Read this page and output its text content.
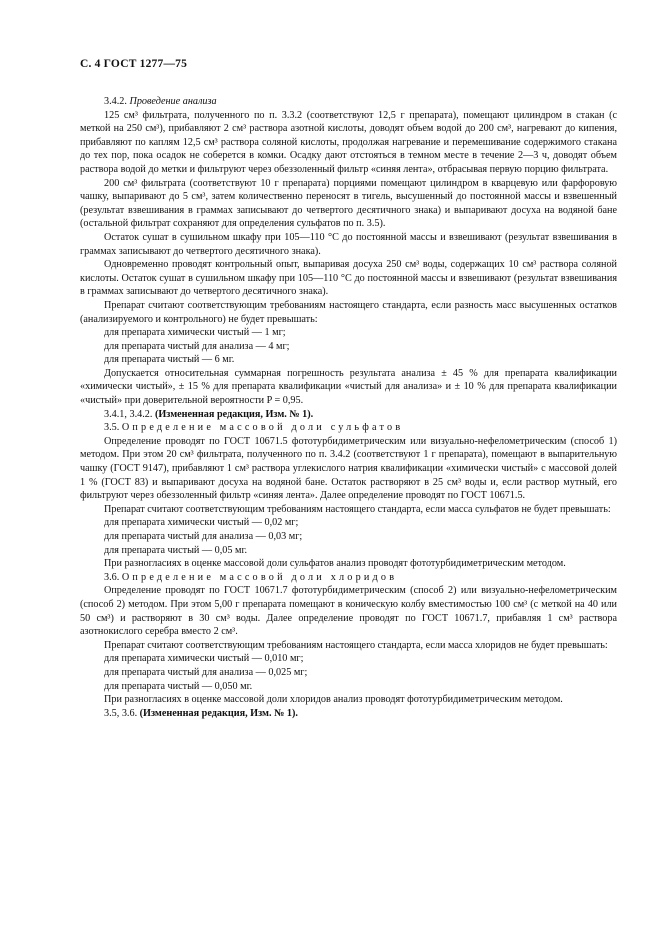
С. 4 ГОСТ 1277—75

3.4.2. Проведение анализа

125 см³ фильтрата, полученного по п. 3.3.2 (соответствуют 12,5 г препарата), помещают цилиндром в стакан (с меткой на 250 см³), прибавляют 2 см³ раствора азотной кислоты, доводят объем водой до 200 см³, нагревают до кипения, прибавляют по каплям 12,5 см³ раствора соляной кислоты, продолжая нагревание и перемешивание содержимого стакана до тех пор, пока осадок не соберется в комки. Осадку дают отстояться в темном месте в течение 2—3 ч, доводят объем раствора водой до метки и фильтруют через обеззоленный фильтр «синяя лента», отбрасывая первую порцию фильтрата.

200 см³ фильтрата (соответствуют 10 г препарата) порциями помещают цилиндром в кварцевую или фарфоровую чашку, выпаривают до 5 см³, затем количественно переносят в тигель, высушенный до постоянной массы и взвешенный (результат взвешивания в граммах записывают до четвертого десятичного знака) и выпаривают досуха на водяной бане (остальной фильтрат сохраняют для определения сульфатов по п. 3.5).

Остаток сушат в сушильном шкафу при 105—110 °С до постоянной массы и взвешивают (результат взвешивания в граммах записывают до четвертого десятичного знака).

Одновременно проводят контрольный опыт, выпаривая досуха 250 см³ воды, содержащих 10 см³ раствора соляной кислоты. Остаток сушат в сушильном шкафу при 105—110 °С до постоянной массы и взвешивают (результат взвешивания в граммах записывают до четвертого десятичного знака).

Препарат считают соответствующим требованиям настоящего стандарта, если разность масс высушенных остатков (анализируемого и контрольного) не будет превышать:

для препарата химически чистый — 1 мг;

для препарата чистый для анализа — 4 мг;

для препарата чистый — 6 мг.

Допускается относительная суммарная погрешность результата анализа ± 45 % для препарата квалификации «химически чистый», ± 15 % для препарата квалификации «чистый для анализа» и ± 10 % для препарата квалификации «чистый» при доверительной вероятности P = 0,95.

3.4.1, 3.4.2. (Измененная редакция, Изм. № 1).

3.5. Определение массовой доли сульфатов

Определение проводят по ГОСТ 10671.5 фототурбидиметрическим или визуально-нефелометрическим (способ 1) методом. При этом 20 см³ фильтрата, полученного по п. 3.4.2 (соответствуют 1 г препарата), помещают в выпарительную чашку (ГОСТ 9147), прибавляют 1 см³ раствора углекислого натрия квалификации «химически чистый» с массовой долей 1 % (ГОСТ 83) и выпаривают досуха на водяной бане. Остаток растворяют в 25 см³ воды и, если раствор мутный, его фильтруют через обеззоленный фильтр «синяя лента». Далее определение проводят по ГОСТ 10671.5.

Препарат считают соответствующим требованиям настоящего стандарта, если масса сульфатов не будет превышать:

для препарата химически чистый — 0,02 мг;

для препарата чистый для анализа — 0,03 мг;

для препарата чистый — 0,05 мг.

При разногласиях в оценке массовой доли сульфатов анализ проводят фототурбидиметрическим методом.

3.6. Определение массовой доли хлоридов

Определение проводят по ГОСТ 10671.7 фототурбидиметрическим (способ 2) или визуально-нефелометрическим (способ 2) методом. При этом 5,00 г препарата помещают в коническую колбу вместимостью 100 см³ (с меткой на 40 или 50 см³) и растворяют в 30 см³ воды. Далее определение проводят по ГОСТ 10671.7, прибавляя 1 см³ раствора азотнокислого серебра вместо 2 см³.

Препарат считают соответствующим требованиям настоящего стандарта, если масса хлоридов не будет превышать:

для препарата химически чистый — 0,010 мг;

для препарата чистый для анализа — 0,025 мг;

для препарата чистый — 0,050 мг.

При разногласиях в оценке массовой доли хлоридов анализ проводят фототурбидиметрическим методом.

3.5, 3.6. (Измененная редакция, Изм. № 1).
